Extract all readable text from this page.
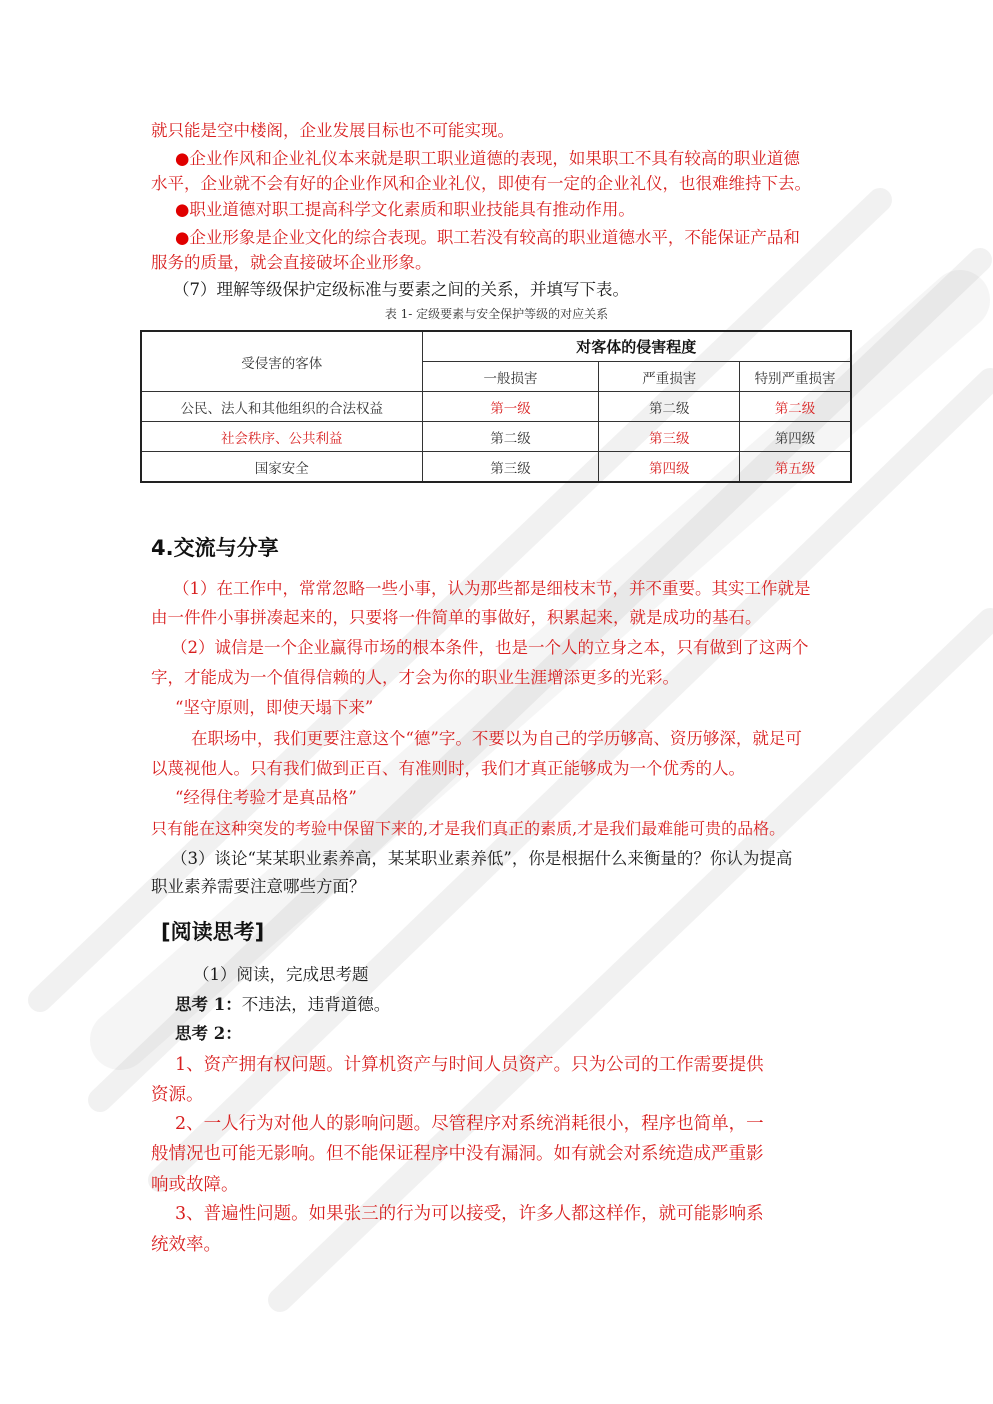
就只能是空中楼阁，企业发展目标也不可能实现。
●企业作风和企业礼仪本来就是职工职业道德的表现，如果职工不具有较高的职业道德
水平，企业就不会有好的企业作风和企业礼仪，即使有一定的企业礼仪，也很难维持下去。
●职业道德对职工提高科学文化素质和职业技能具有推动作用。
●企业形象是企业文化的综合表现。职工若没有较高的职业道德水平，不能保证产品和
服务的质量，就会直接破坏企业形象。
（7）理解等级保护定级标准与要素之间的关系，并填写下表。
表 1- 定级要素与安全保护等级的对应关系
受侵害的客体	对客体的侵害程度		
	一般损害	严重损害	特别严重损害
公民、法人和其他组织的合法权益	第一级	第二级	第二级
社会秩序、公共利益	第二级	第三级	第四级
国家安全	第三级	第四级	第五级
4.交流与分享
（1）在工作中，常常忽略一些小事，认为那些都是细枝末节，并不重要。其实工作就是
由一件件小事拼凑起来的，只要将一件简单的事做好，积累起来，就是成功的基石。
（2）诚信是一个企业赢得市场的根本条件，也是一个人的立身之本，只有做到了这两个
字，才能成为一个值得信赖的人，才会为你的职业生涯增添更多的光彩。
“坚守原则，即使天塌下来”
在职场中，我们更要注意这个“德”字。不要以为自己的学历够高、资历够深，就足可
以蔑视他人。只有我们做到正百、有准则时，我们才真正能够成为一个优秀的人。
“经得住考验才是真品格”
只有能在这种突发的考验中保留下来的,才是我们真正的素质,才是我们最难能可贵的品格。
（3）谈论“某某职业素养高，某某职业素养低”，你是根据什么来衡量的？你认为提高
职业素养需要注意哪些方面？
[阅读思考]
（1）阅读，完成思考题
思考 1：不违法，违背道德。
思考 2：
1、资产拥有权问题。计算机资产与时间人员资产。只为公司的工作需要提供
资源。
2、一人行为对他人的影响问题。尽管程序对系统消耗很小，程序也简单，一
般情况也可能无影响。但不能保证程序中没有漏洞。如有就会对系统造成严重影
响或故障。
3、普遍性问题。如果张三的行为可以接受，许多人都这样作，就可能影响系
统效率。
